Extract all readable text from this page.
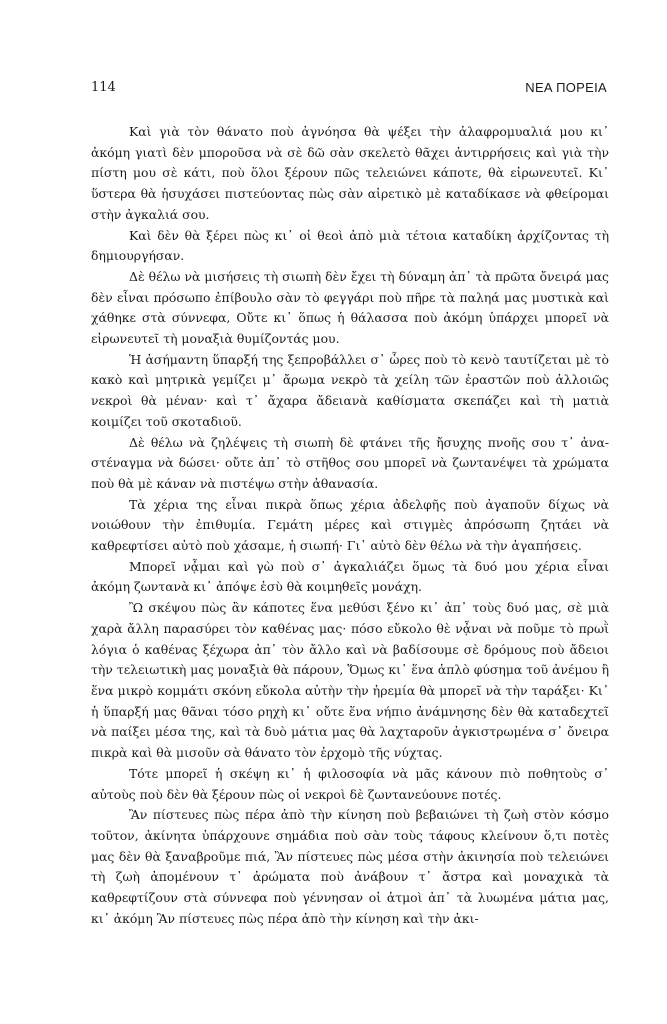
114	ΝΕΑ ΠΟΡΕΙΑ

Καὶ γιὰ τὸν θάνατο ποὺ ἀγνόησα θὰ ψέξει τὴν ἀλαφρομυαλιά μου κι᾿ ἀκόμη γιατὶ δὲν μποροῦσα νὰ σὲ δῶ σὰν σκελετὸ θᾶχει ἀντιρρήσεις καὶ γιὰ τὴν πίστη μου σὲ κάτι, ποὺ ὅλοι ξέρουν πῶς τελειώνει κάποτε, θὰ εἰρωνευτεῖ. Κι᾿ ὕστερα θὰ ἡσυχάσει πιστεύοντας πὼς σὰν αἱρετικὸ μὲ καταδίκασε νὰ φθείρομαι στὴν ἀγκαλιά σου.

Καὶ δὲν θὰ ξέρει πὼς κι᾿ οἱ θεοὶ ἀπὸ μιὰ τέτοια καταδίκη ἀρχίζοντας τὴ δημιουργήσαν.

Δὲ θέλω νὰ μισήσεις τὴ σιωπὴ δὲν ἔχει τὴ δύναμη ἀπ᾿ τὰ πρῶτα ὄνειρά μας δὲν εἶναι πρόσωπο ἐπίβουλο σὰν τὸ φεγγάρι ποὺ πῆρε τὰ παληά μας μυστικὰ καὶ χάθηκε στὰ σύννεφα, Οὔτε κι᾿ ὅπως ἡ θάλασσα ποὺ ἀκόμη ὑπάρχει μπορεῖ νὰ εἰρωνευτεῖ τὴ μοναξιὰ θυμίζοντάς μου.

Ἡ ἀσήμαντη ὕπαρξή της ξεπροβάλλει σ᾿ ὧρες ποὺ τὸ κενὸ ταυτίζεται μὲ τὸ κακὸ καὶ μητρικὰ γεμίζει μ᾿ ἄρωμα νεκρὸ τὰ χείλη τῶν ἐραστῶν ποὺ ἀλλοιῶς νεκροὶ θὰ μέναν· καὶ τ᾿ ἄχαρα ἄδειανὰ καθίσματα σκεπάζει καὶ τὴ ματιὰ κοιμίζει τοῦ σκοταδιοῦ.

Δὲ θέλω νὰ ζηλέψεις τὴ σιωπὴ δὲ φτάνει τῆς ἤσυχης πνοῆς σου τ᾿ ἀναστέναγμα νὰ δώσει· οὔτε ἀπ᾿ τὸ στῆθος σου μπορεῖ νὰ ζωντανέψει τὰ χρώματα ποὺ θὰ μὲ κάναν νὰ πιστέψω στὴν ἀθανασία.

Τὰ χέρια της εἶναι πικρὰ ὅπως χέρια ἀδελφῆς ποὺ ἀγαποῦν δίχως νὰ νοιώθουν τὴν ἐπιθυμία. Γεμάτη μέρες καὶ στιγμὲς ἀπρόσωπη ζητάει νὰ καθρεφτίσει αὐτὸ ποὺ χάσαμε, ἡ σιωπή· Γι᾿ αὐτὸ δὲν θέλω νὰ τὴν ἀγαπήσεις.

Μπορεῖ νᾆμαι καὶ γὼ ποὺ σ᾿ ἀγκαλιάζει ὅμως τὰ δυό μου χέρια εἶναι ἀκόμη ζωντανὰ κι᾿ ἀπόψε ἐσὺ θὰ κοιμηθεῖς μονάχη.

Ὢ σκέψου πὼς ἂν κάποτες ἕνα μεθύσι ξένο κι᾿ ἀπ᾿ τοὺς δυό μας, σὲ μιὰ χαρὰ ἄλλη παρασύρει τὸν καθένας μας· πόσο εὔκολο θὲ νᾆναι νὰ ποῦμε τὸ πρωῒ λόγια ὁ καθένας ξέχωρα ἀπ᾿ τὸν ἄλλο καὶ νὰ βαδίσουμε σὲ δρόμους ποὺ ἄδειοι τὴν τελειωτικὴ μας μοναξιὰ θὰ πάρουν, Ὅμως κι᾿ ἕνα ἁπλὸ φύσημα τοῦ ἀνέμου ἢ ἕνα μικρὸ κομμάτι σκόνη εὔκολα αὐτὴν τὴν ἠρεμία θὰ μπορεῖ νὰ τὴν ταράξει· Κι᾿ ἡ ὕπαρξή μας θᾶναι τόσο ρηχὴ κι᾿ οὔτε ἕνα νήπιο ἀνάμνησης δὲν θὰ καταδεχτεῖ νὰ παίξει μέσα της, καὶ τὰ δυὸ μάτια μας θὰ λαχταροῦν ἀγκιστρωμένα σ᾿ ὄνειρα πικρὰ καὶ θὰ μισοῦν σὰ θάνατο τὸν ἐρχομὸ τῆς νύχτας.

Τότε μπορεῖ ἡ σκέψη κι᾿ ἡ φιλοσοφία νὰ μᾶς κάνουν πιὸ ποθητοὺς σ᾿ αὐτοὺς ποὺ δὲν θὰ ξέρουν πὼς οἱ νεκροὶ δὲ ζωντανεύουνε ποτές.

Ἂν πίστευες πὼς πέρα ἀπὸ τὴν κίνηση ποὺ βεβαιώνει τὴ ζωὴ στὸν κόσμο τοῦτον, ἀκίνητα ὑπάρχουνε σημάδια ποὺ σὰν τοὺς τάφους κλείνουν ὅ,τι ποτὲς μας δὲν θὰ ξαναβροῦμε πιά, Ἂν πίστευες πὼς μέσα στὴν ἀκινησία ποὺ τελειώνει τὴ ζωὴ ἀπομένουν τ᾿ ἀρώματα ποὺ ἀνάβουν τ᾿ ἄστρα καὶ μοναχικὰ τὰ καθρεφτίζουν στὰ σύννεφα ποὺ γέννησαν οἱ ἀτμοὶ ἀπ᾿ τὰ λυωμένα μάτια μας, κι᾿ ἀκόμη Ἂν πίστευες πὼς πέρα ἀπὸ τὴν κίνηση καὶ τὴν ἀκι-
